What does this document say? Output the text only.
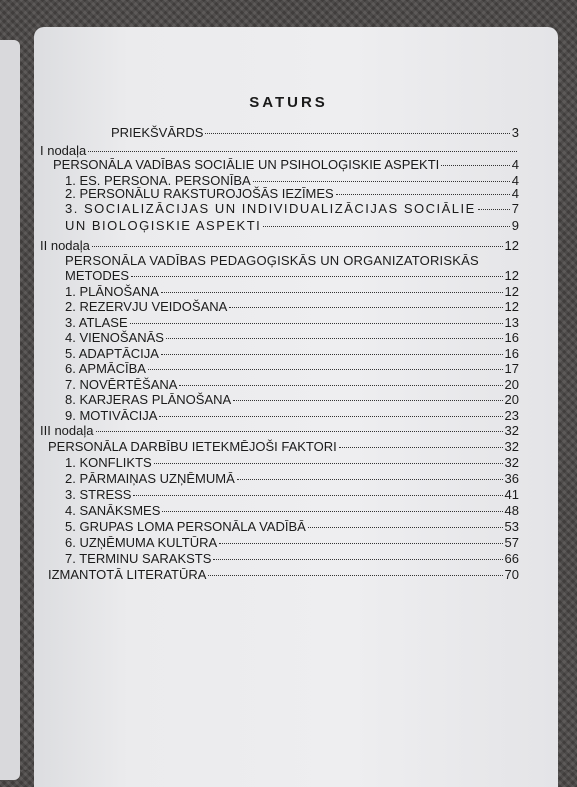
SATURS
PRIEKŠVĀRDS	3
I nodaļa
PERSONĀLA VADĪBAS SOCIĀLIE UN PSIHOLOĢISKIE ASPEKTI	4
1. ES. PERSONA. PERSONĪBA	4
2. PERSONĀLU RAKSTUROJOŠĀS IEZĪMES	4
3. SOCIALIZĀCIJAS UN INDIVIDUALIZĀCIJAS SOCIĀLIE	7
UN BIOLOĢISKIE ASPEKTI	9
II nodaļa	12
PERSONĀLA VADĪBAS PEDAGOĢISKĀS UN ORGANIZATORISKĀS
METODES	12
1. PLĀNOŠANA	12
2. REZERVJU VEIDOŠANA	12
3. ATLASE	13
4. VIENOŠANĀS	16
5. ADAPTĀCIJA	16
6. APMĀCĪBA	17
7. NOVĒRTĒŠANA	20
8. KARJERAS PLĀNOŠANA	20
9. MOTIVĀCIJA	23
III nodaļa	32
PERSONĀLA DARBĪBU IETEKMĒJOŠI FAKTORI	32
1. KONFLIKTS	32
2. PĀRMAIŅAS UZŅĒMUMĀ	36
3. STRESS	41
4. SANĀKSMES	48
5. GRUPAS LOMA PERSONĀLA VADĪBĀ	53
6. UZŅĒMUMA KULTŪRA	57
7. TERMINU SARAKSTS	66
IZMANTOTĀ LITERATŪRA	70
